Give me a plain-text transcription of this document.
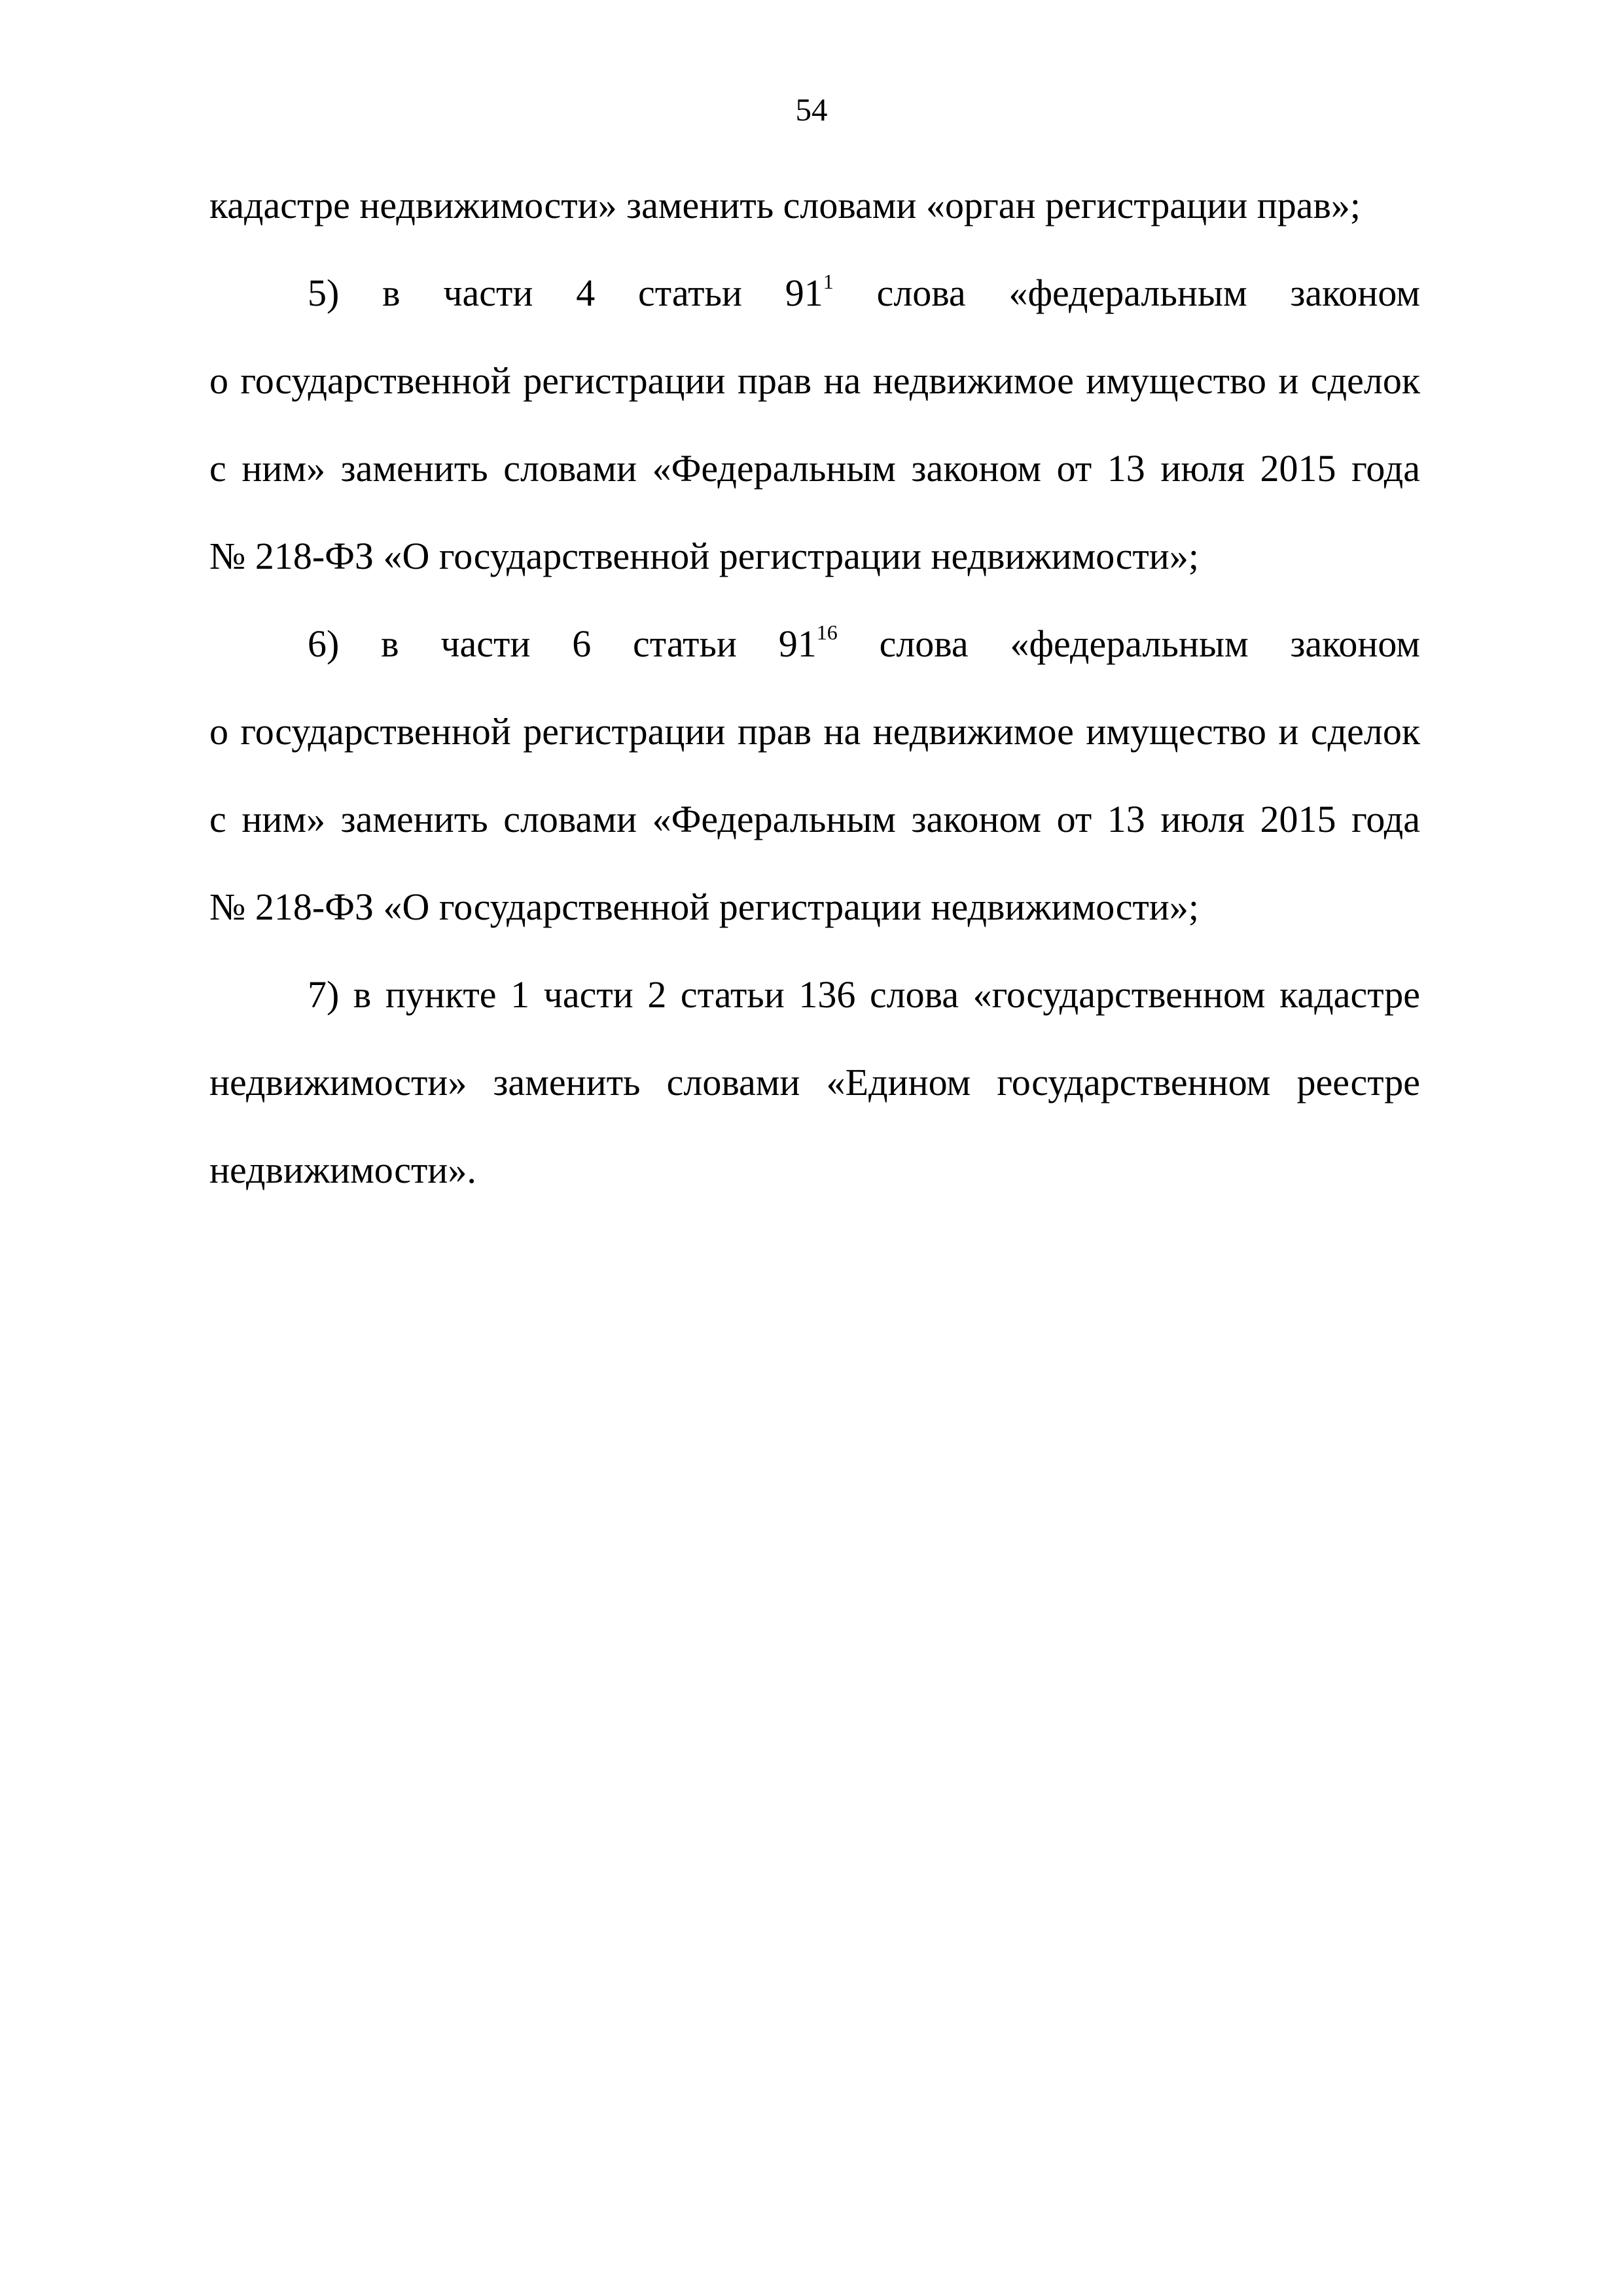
54
кадастре недвижимости» заменить словами «орган регистрации прав»;
5) в части 4 статьи $91^1$ слова «федеральным законом
о государственной регистрации прав на недвижимое имущество и сделок
с ним» заменить словами «Федеральным законом от 13 июля 2015 года
№ 218-ФЗ «О государственной регистрации недвижимости»;
6) в части 6 статьи $91^{16}$ слова «федеральным законом
о государственной регистрации прав на недвижимое имущество и сделок
с ним» заменить словами «Федеральным законом от 13 июля 2015 года
№ 218-ФЗ «О государственной регистрации недвижимости»;
7) в пункте 1 части 2 статьи 136 слова «государственном кадастре
недвижимости» заменить словами «Едином государственном реестре
недвижимости».
